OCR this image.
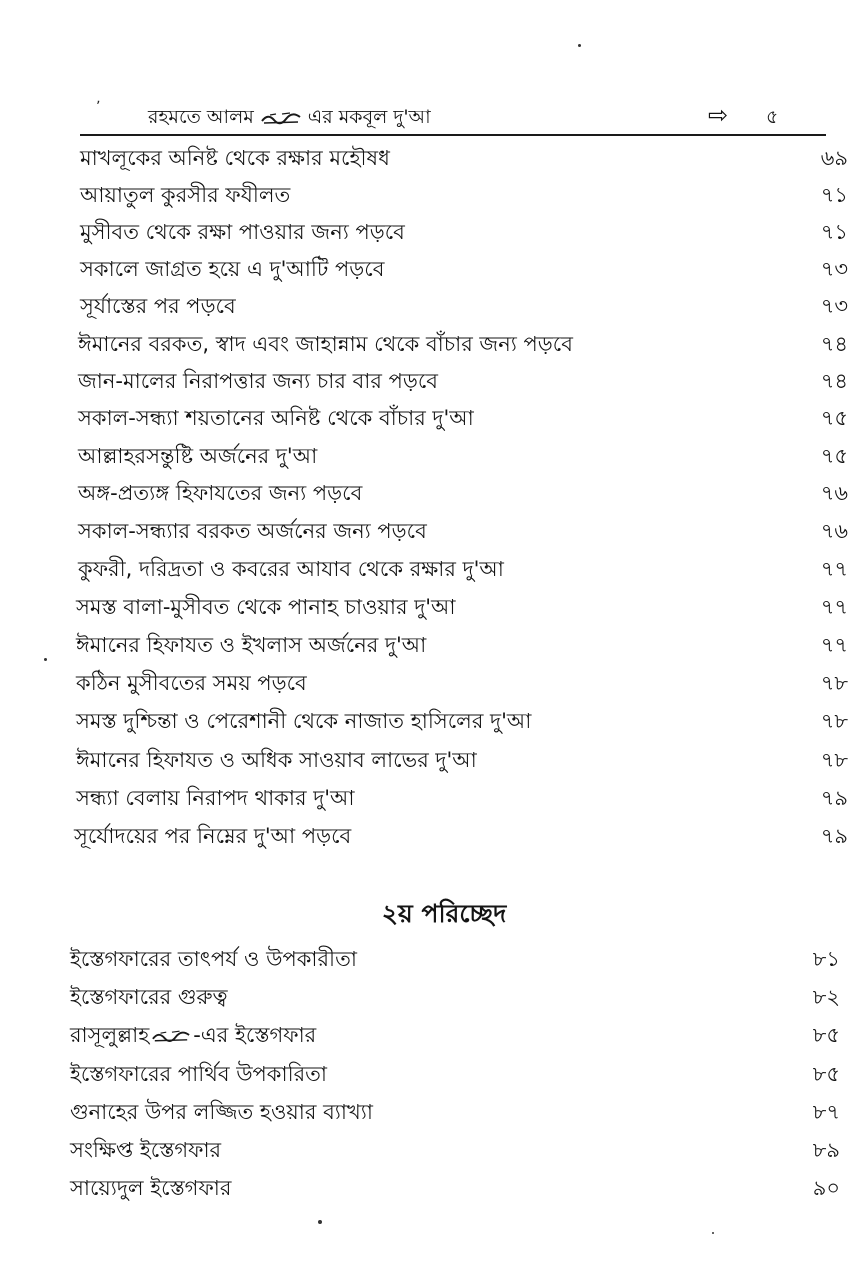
٬	রহমতে আলম	এর মকবূল দু'আ	⇨ ৫
মাখলূকের অনিষ্ট থেকে রক্ষার মহৌষধ	৬৯
আয়াতুল কুরসীর ফযীলত	৭১
মুসীবত থেকে রক্ষা পাওয়ার জন্য পড়বে	৭১
সকালে জাগ্রত হয়ে এ দু'আটি পড়বে	৭৩
সূর্যাস্তের পর পড়বে	৭৩
ঈমানের বরকত, স্বাদ এবং জাহান্নাম থেকে বাঁচার জন্য পড়বে	৭৪
জান-মালের নিরাপত্তার জন্য চার বার পড়বে	৭৪
সকাল-সন্ধ্যা শয়তানের অনিষ্ট থেকে বাঁচার দু'আ	৭৫
আল্লাহরসন্তুষ্টি অর্জনের দু'আ	৭৫
অঙ্গ-প্রত্যঙ্গ হিফাযতের জন্য পড়বে	৭৬
সকাল-সন্ধ্যার বরকত অর্জনের জন্য পড়বে	৭৬
কুফরী, দরিদ্রতা ও কবরের আযাব থেকে রক্ষার দু'আ	৭৭
সমস্ত বালা-মুসীবত থেকে পানাহ চাওয়ার দু'আ	৭৭
ঈমানের হিফাযত ও ইখলাস অর্জনের দু'আ	৭৭
কঠিন মুসীবতের সময় পড়বে	৭৮
সমস্ত দুশ্চিন্তা ও পেরেশানী থেকে নাজাত হাসিলের দু'আ	৭৮
ঈমানের হিফাযত ও অধিক সাওয়াব লাভের দু'আ	৭৮
সন্ধ্যা বেলায় নিরাপদ থাকার দু'আ	৭৯
সূর্যোদয়ের পর নিম্নের দু'আ পড়বে	৭৯
২য় পরিচ্ছেদ
ইস্তেগফারের তাৎপর্য ও উপকারীতা	৮১
ইস্তেগফারের গুরুত্ব	৮২
রাসূলুল্লাহ -এর ইস্তেগফার	৮৫
ইস্তেগফারের পার্থিব উপকারিতা	৮৫
গুনাহের উপর লজ্জিত হওয়ার ব্যাখ্যা	৮৭
সংক্ষিপ্ত ইস্তেগফার	৮৯
সায়্যেদুল ইস্তেগফার	৯০
